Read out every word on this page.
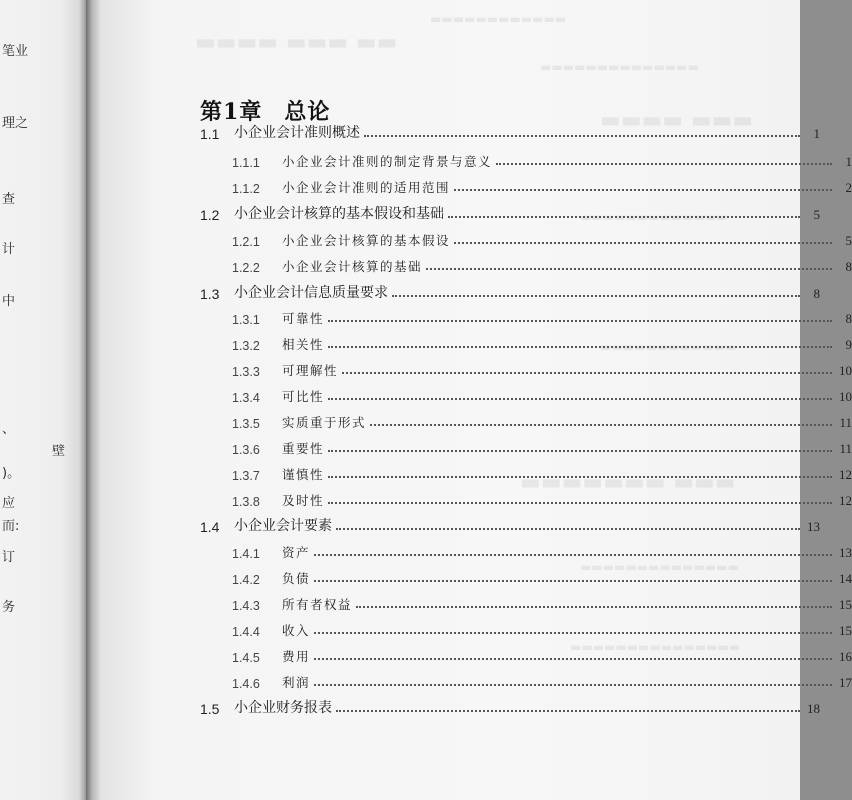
笔业
理之
查
计
中
、
壁
)。
应
而:
订
务
▬▬ ▬▬▬ ▬▬▬▬
▬▬▬▬▬▬▬▬▬▬▬▬
▬▬▬▬▬▬▬▬▬▬▬▬▬▬
▬▬▬ ▬▬▬▬
▬▬▬▬▬▬▬▬▬▬▬▬▬
▬▬▬▬▬▬▬▬▬▬▬▬
▬▬▬ ▬▬▬▬▬▬▬
▬▬▬▬▬▬▬▬▬▬▬▬▬▬
▬▬▬▬▬▬▬▬▬▬▬▬▬▬▬
第1章 总论
1.1	小企业会计准则概述	1
1.1.1	小企业会计准则的制定背景与意义	1
1.1.2	小企业会计准则的适用范围	2
1.2	小企业会计核算的基本假设和基础	5
1.2.1	小企业会计核算的基本假设	5
1.2.2	小企业会计核算的基础	8
1.3	小企业会计信息质量要求	8
1.3.1	可靠性	8
1.3.2	相关性	9
1.3.3	可理解性	10
1.3.4	可比性	10
1.3.5	实质重于形式	11
1.3.6	重要性	11
1.3.7	谨慎性	12
1.3.8	及时性	12
1.4	小企业会计要素	13
1.4.1	资产	13
1.4.2	负债	14
1.4.3	所有者权益	15
1.4.4	收入	15
1.4.5	费用	16
1.4.6	利润	17
1.5	小企业财务报表	18
